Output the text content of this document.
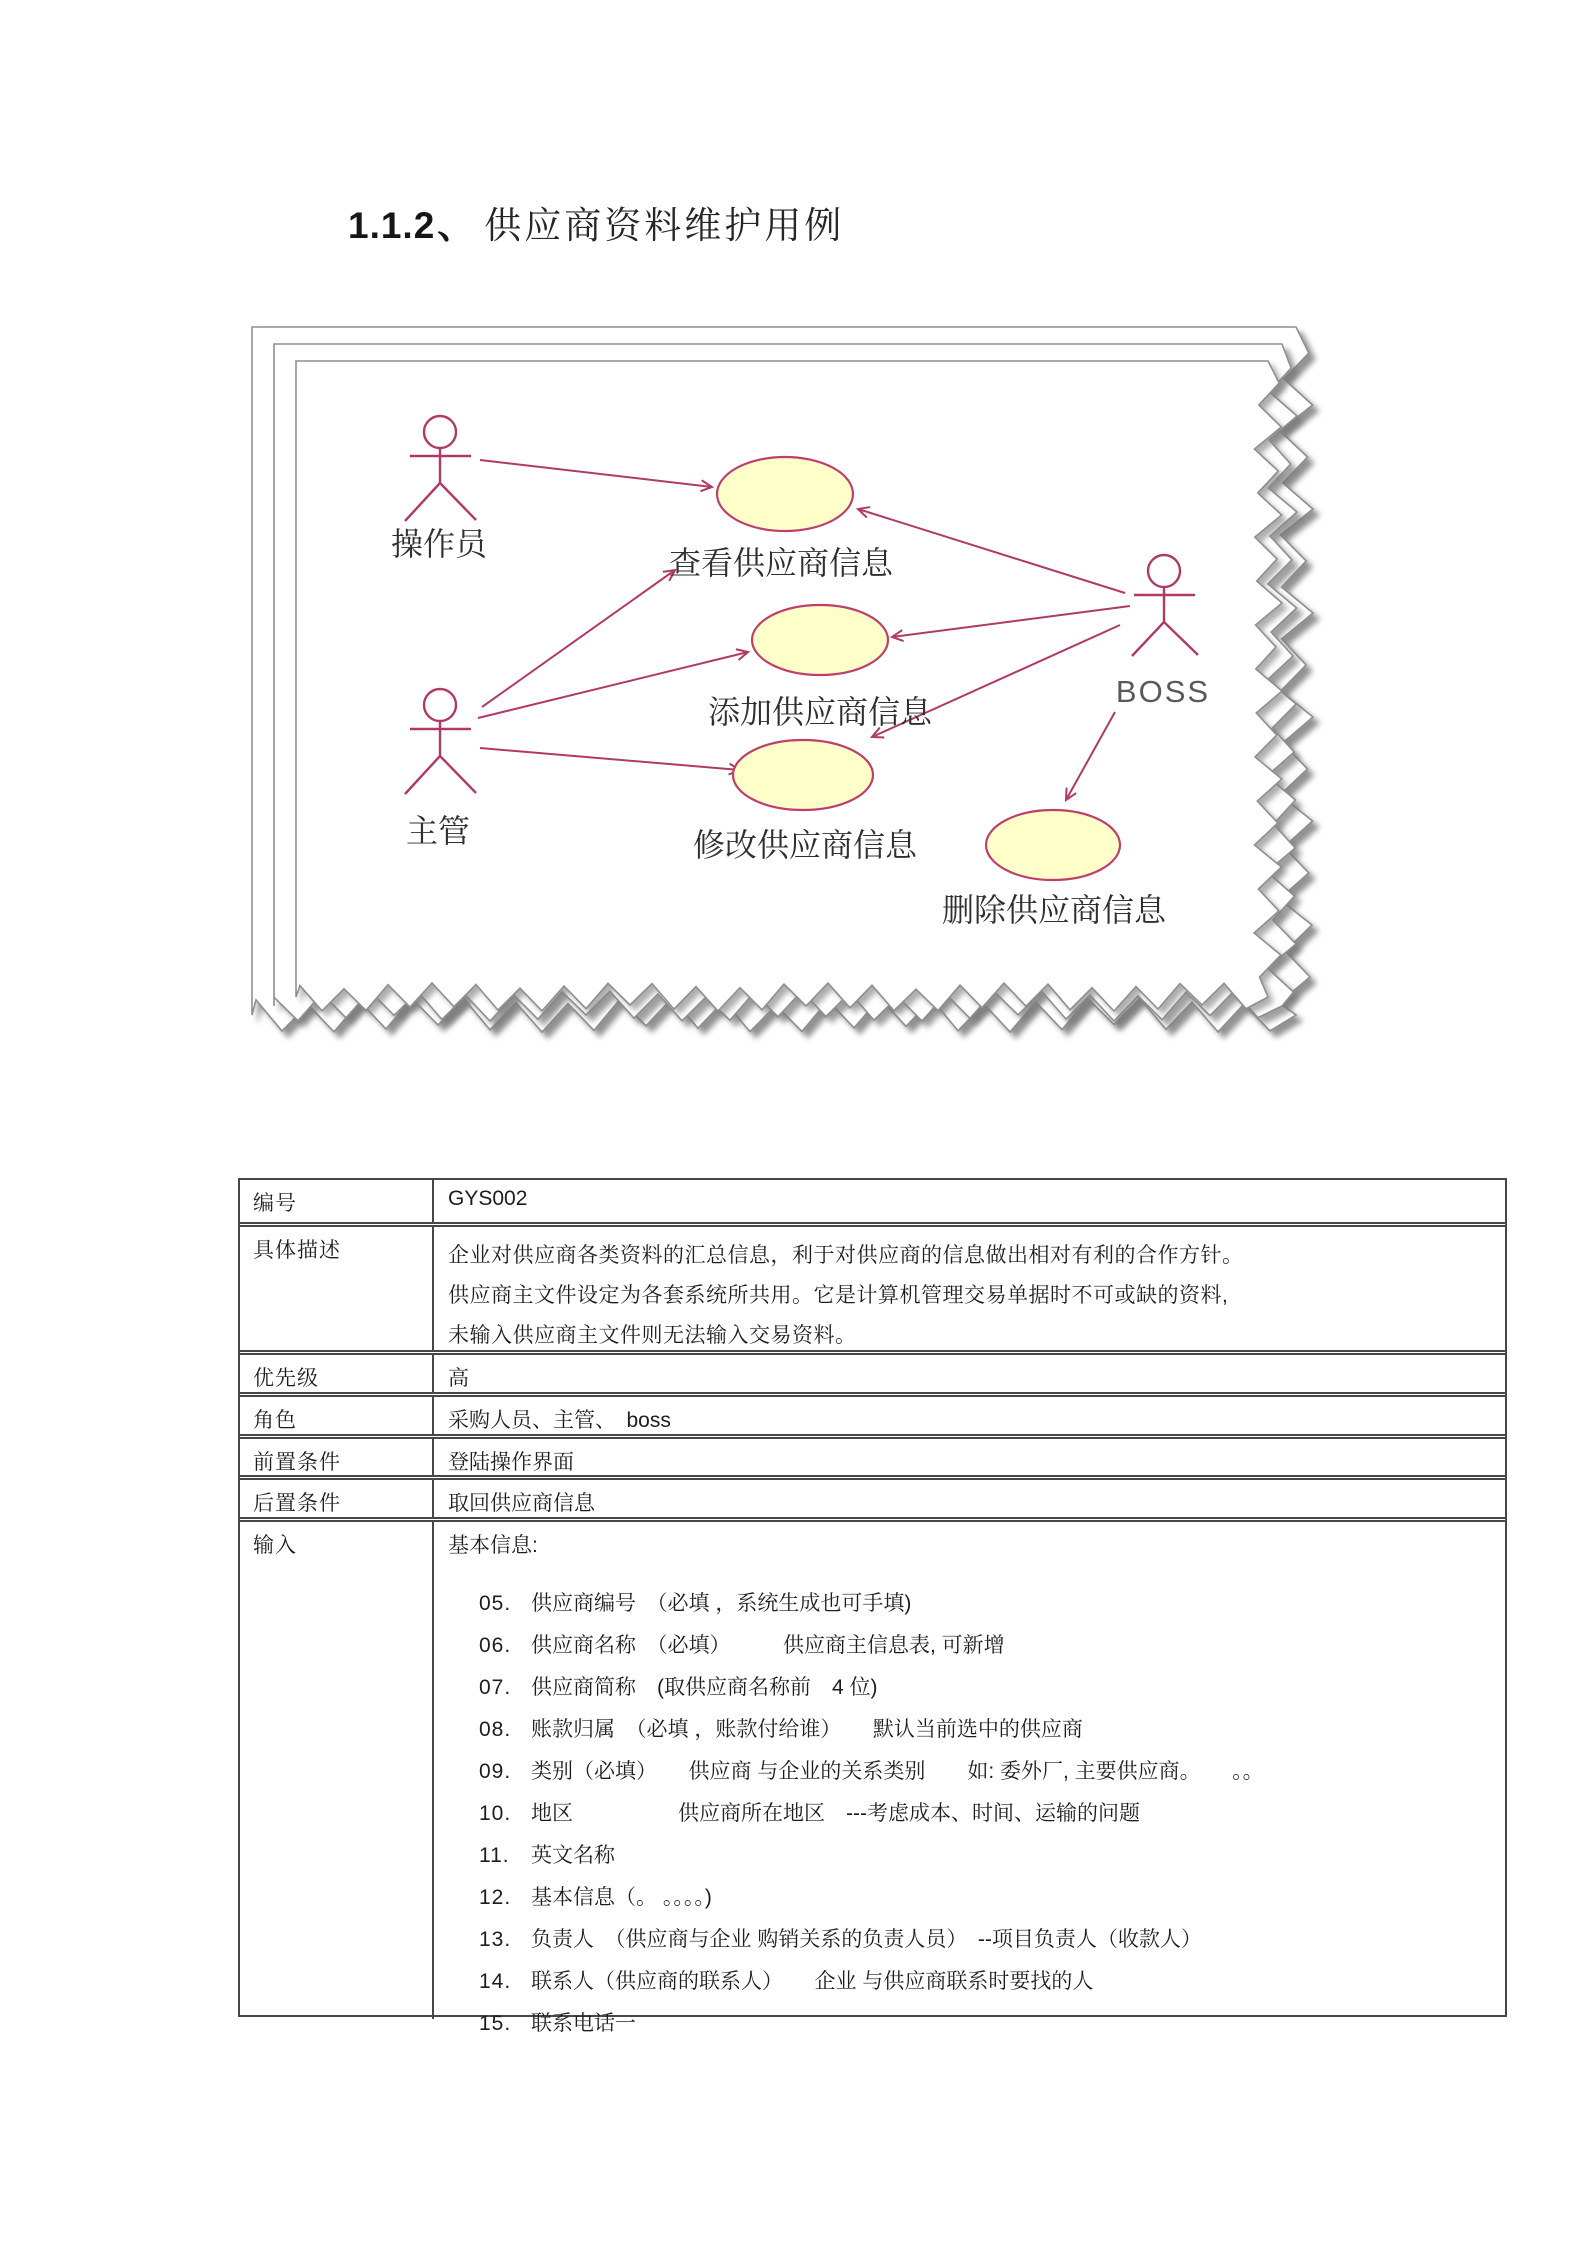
1.1.2、 供应商资料维护用例
查看供应商信息
添加供应商信息
修改供应商信息
删除供应商信息
操作员
主管
BOSS
编号	GYS002
具体描述	企业对供应商各类资料的汇总信息，利于对供应商的信息做出相对有利的合作方针。
供应商主文件设定为各套系统所共用。它是计算机管理交易单据时不可或缺的资料,
未输入供应商主文件则无法输入交易资料。
优先级	高
角色	采购人员、主管、　boss
前置条件	登陆操作界面
后置条件	取回供应商信息
输入	基本信息:
05. 供应商编号　（必填 ，系统生成也可手填)
06. 供应商名称　（必填）　　　供应商主信息表, 可新增
07. 供应商简称　(取供应商名称前　4 位)
08. 账款归属　（必填 ，账款付给谁）　　默认当前选中的供应商
09. 类别（必填）　　供应商 与企业的关系类别　　如: 委外厂, 主要供应商。　　。。
10. 地区　　　　　供应商所在地区　---考虑成本、时间、运输的问题
11. 英文名称
12. 基本信息（。 。。。。)
13. 负责人　（供应商与企业 购销关系的负责人员）　--项目负责人（收款人）
14. 联系人（供应商的联系人）　　企业 与供应商联系时要找的人
15. 联系电话一
